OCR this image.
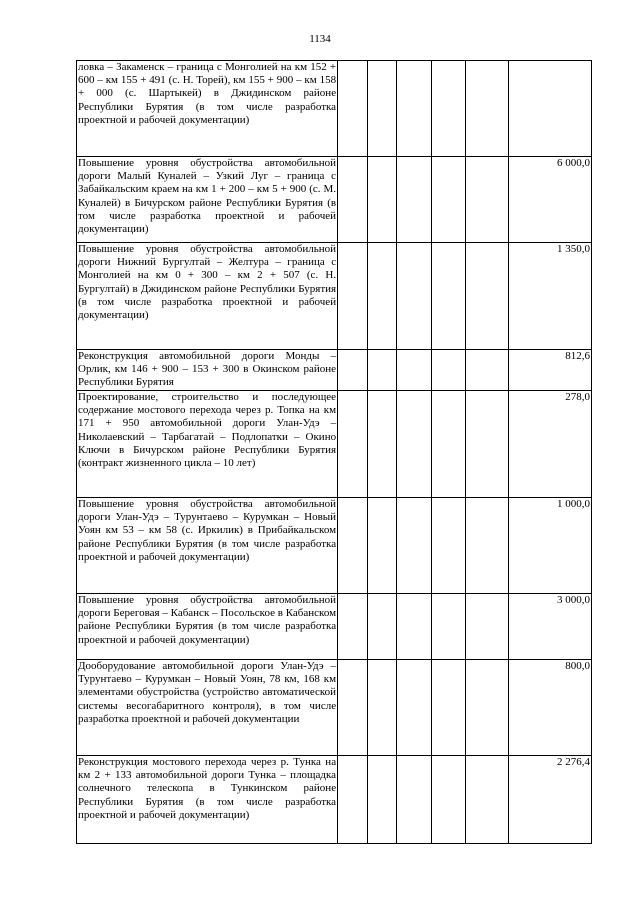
1134
ловка – Закаменск – граница с Монголией на км 152 + 600 – км 155 + 491 (с. Н. Торей), км 155 + 900 – км 158 + 000 (с. Шартыкей) в Джидинском районе Республики Бурятия (в том числе разработка проектной и рабочей документации)						
Повышение уровня обустройства автомобильной дороги Малый Куналей – Узкий Луг – граница с Забайкальским краем на км 1 + 200 – км 5 + 900 (с. М. Куналей) в Бичурском районе Республики Бурятия (в том числе разработка проектной и рабочей документации)						6 000,0
Повышение уровня обустройства автомобильной дороги Нижний Бургултай – Желтура – граница с Монголией на км 0 + 300 – км 2 + 507 (с. Н. Бургултай) в Джидинском районе Республики Бурятия (в том числе разработка проектной и рабочей документации)						1 350,0
Реконструкция автомобильной дороги Монды – Орлик, км 146 + 900 – 153 + 300 в Окинском районе Республики Бурятия						812,6
Проектирование, строительство и последующее содержание мостового перехода через р. Топка на км 171 + 950 автомобильной дороги Улан-Удэ – Николаевский – Тарбагатай – Подлопатки – Окино Ключи в Бичурском районе Республики Бурятия (контракт жизненного цикла – 10 лет)						278,0
Повышение уровня обустройства автомобильной дороги Улан-Удэ – Турунтаево – Курумкан – Новый Уоян км 53 – км 58 (с. Иркилик) в Прибайкальском районе Республики Бурятия (в том числе разработка проектной и рабочей документации)						1 000,0
Повышение уровня обустройства автомобильной дороги Береговая – Кабанск – Посольское в Кабанском районе Республики Бурятия (в том числе разработка проектной и рабочей документации)						3 000,0
Дооборудование автомобильной дороги Улан-Удэ – Турунтаево – Курумкан – Новый Уоян, 78 км, 168 км элементами обустройства (устройство автоматической системы весогабаритного контроля), в том числе разработка проектной и рабочей документации						800,0
Реконструкция мостового перехода через р. Тунка на км 2 + 133 автомобильной дороги Тунка – площадка солнечного телескопа в Тункинском районе Республики Бурятия (в том числе разработка проектной и рабочей документации)						2 276,4
